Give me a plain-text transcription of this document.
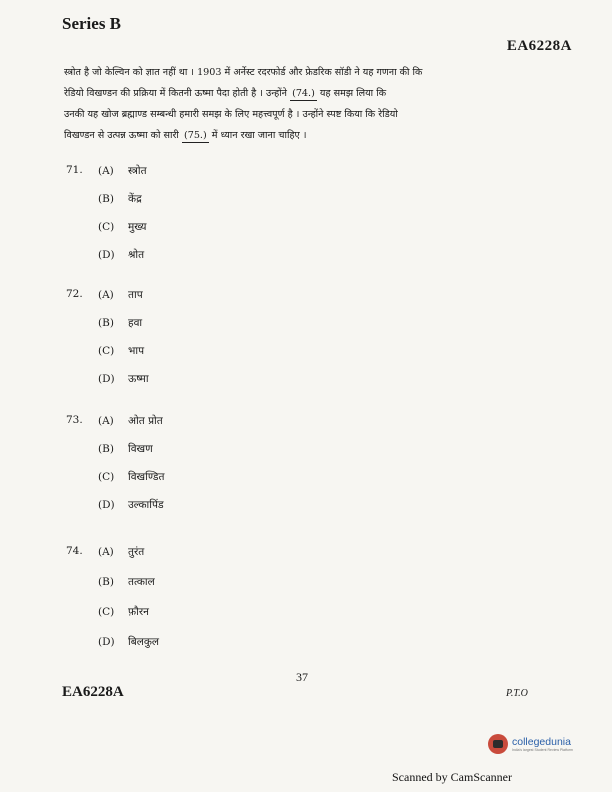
Series B
EA6228A
स्त्रोत है जो केल्विन को ज्ञात नहीं था । 1903 में अर्नेस्ट रदरफोर्ड और फ्रेडरिक सॉडी ने यह गणना की कि
रेडियो विखण्डन की प्रक्रिया में कितनी ऊष्मा पैदा होती है । उन्होंने (74.) यह समझ लिया कि
उनकी यह खोज ब्रह्माण्ड सम्बन्धी हमारी समझ के लिए महत्त्वपूर्ण है । उन्होंने स्पष्ट किया कि रेडियो
विखण्डन से उत्पन्न ऊष्मा को सारी (75.) में ध्यान रखा जाना चाहिए ।
71. (A) स्त्रोत
(B) केंद्र
(C) मुख्य
(D) श्रोत
72. (A) ताप
(B) हवा
(C) भाप
(D) ऊष्मा
73. (A) ओत प्रोत
(B) विखण
(C) विखण्डित
(D) उल्कापिंड
74. (A) तुरंत
(B) तत्काल
(C) फ़ौरन
(D) बिलकुल
37
EA6228A	P.T.O
collegedunia
India's largest Student Review Platform
Scanned by CamScanner
